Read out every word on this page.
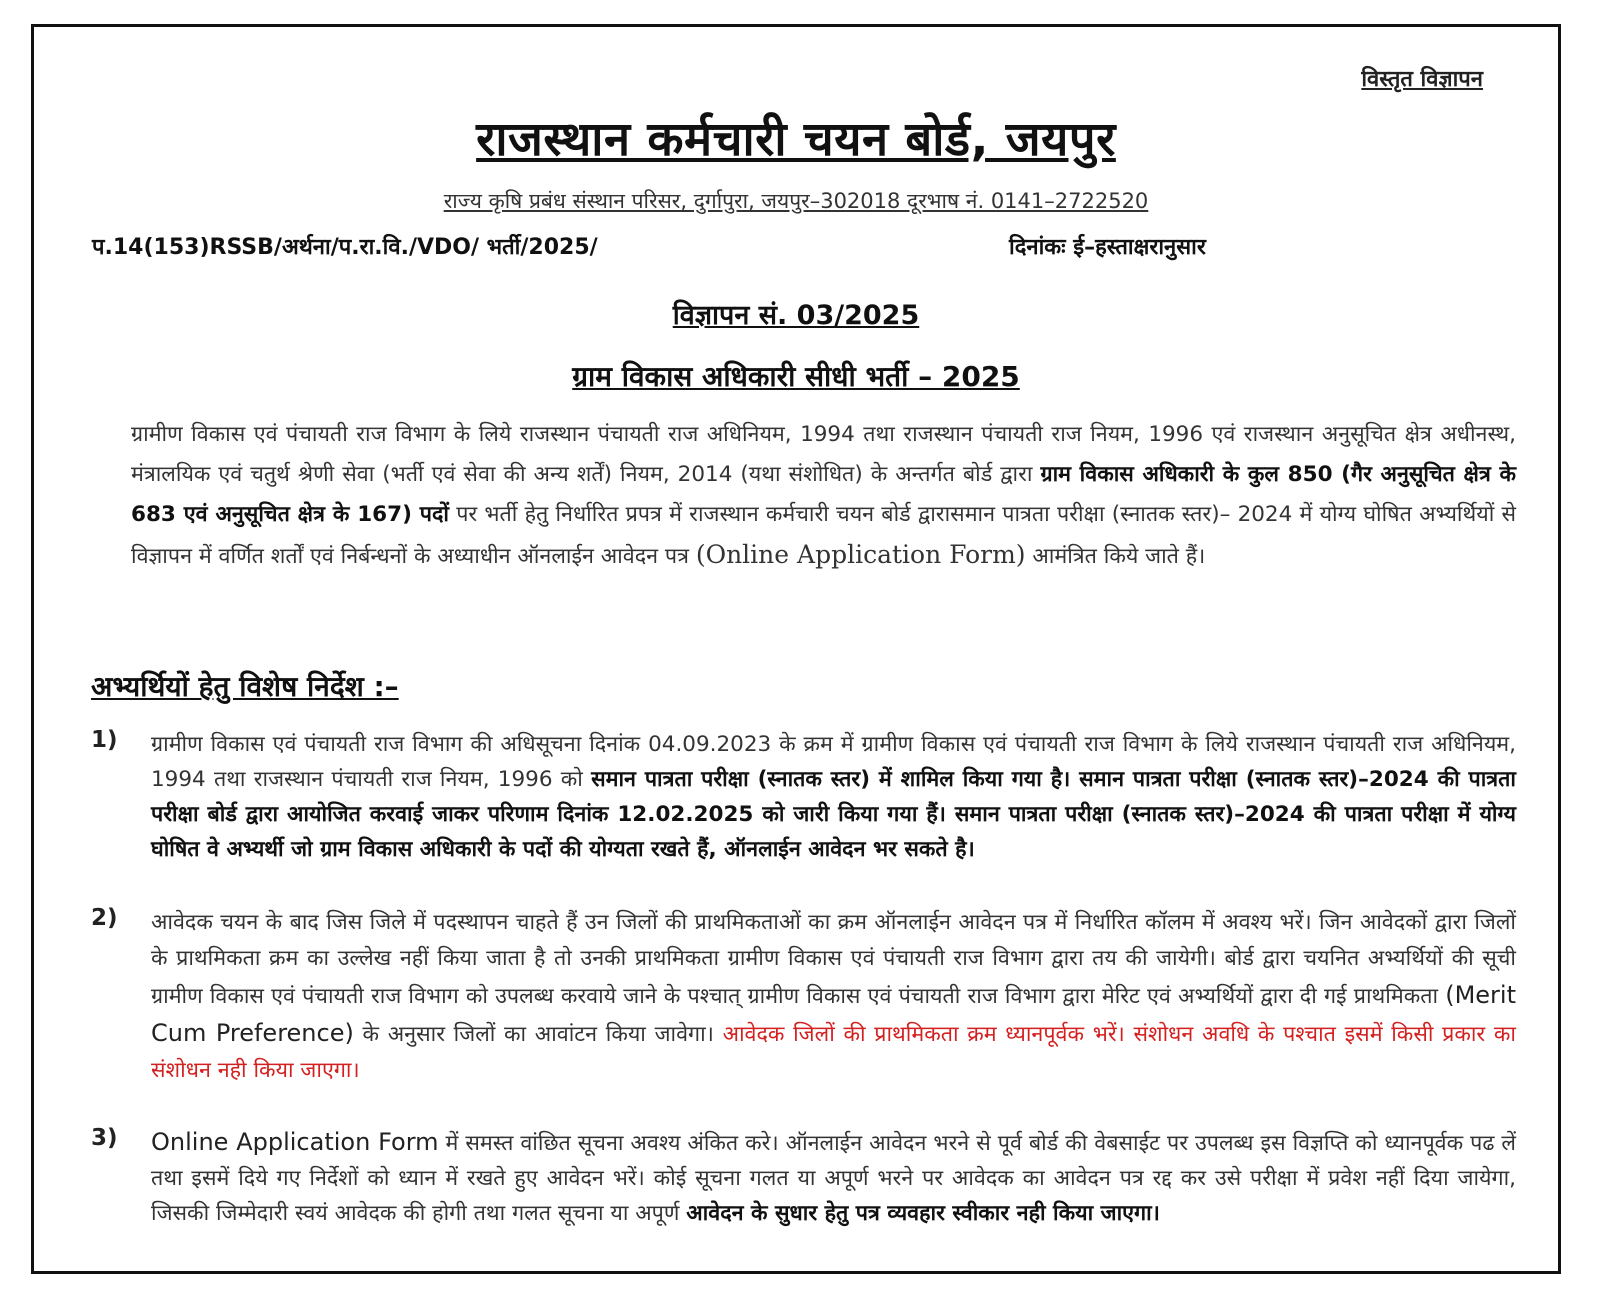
विस्तृत विज्ञापन
राजस्थान कर्मचारी चयन बोर्ड, जयपुर
राज्य कृषि प्रबंध संस्थान परिसर, दुर्गापुरा, जयपुर–302018 दूरभाष नं. 0141–2722520
प.14(153)RSSB/अर्थना/प.रा.वि./VDO/ भर्ती/2025/	दिनांकः ई–हस्ताक्षरानुसार
विज्ञापन सं. 03/2025
ग्राम विकास अधिकारी सीधी भर्ती – 2025
ग्रामीण विकास एवं पंचायती राज विभाग के लिये राजस्थान पंचायती राज अधिनियम, 1994 तथा राजस्थान पंचायती राज नियम, 1996 एवं राजस्थान अनुसूचित क्षेत्र अधीनस्थ, मंत्रालयिक एवं चतुर्थ श्रेणी सेवा (भर्ती एवं सेवा की अन्य शर्तें) नियम, 2014 (यथा संशोधित) के अन्तर्गत बोर्ड द्वारा ग्राम विकास अधिकारी के कुल 850 (गैर अनुसूचित क्षेत्र के 683 एवं अनुसूचित क्षेत्र के 167) पदों पर भर्ती हेतु निर्धारित प्रपत्र में राजस्थान कर्मचारी चयन बोर्ड द्वारासमान पात्रता परीक्षा (स्नातक स्तर)– 2024 में योग्य घोषित अभ्यर्थियों से विज्ञापन में वर्णित शर्तों एवं निर्बन्धनों के अध्याधीन ऑनलाईन आवेदन पत्र (Online Application Form) आमंत्रित किये जाते हैं।
अभ्यर्थियों हेतु विशेष निर्देश :–
1) ग्रामीण विकास एवं पंचायती राज विभाग की अधिसूचना दिनांक 04.09.2023 के क्रम में ग्रामीण विकास एवं पंचायती राज विभाग के लिये राजस्थान पंचायती राज अधिनियम, 1994 तथा राजस्थान पंचायती राज नियम, 1996 को समान पात्रता परीक्षा (स्नातक स्तर) में शामिल किया गया है। समान पात्रता परीक्षा (स्नातक स्तर)–2024 की पात्रता परीक्षा बोर्ड द्वारा आयोजित करवाई जाकर परिणाम दिनांक 12.02.2025 को जारी किया गया हैं। समान पात्रता परीक्षा (स्नातक स्तर)–2024 की पात्रता परीक्षा में योग्य घोषित वे अभ्यर्थी जो ग्राम विकास अधिकारी के पदों की योग्यता रखते हैं, ऑनलाईन आवेदन भर सकते है।
2) आवेदक चयन के बाद जिस जिले में पदस्थापन चाहते हैं उन जिलों की प्राथमिकताओं का क्रम ऑनलाईन आवेदन पत्र में निर्धारित कॉलम में अवश्य भरें। जिन आवेदकों द्वारा जिलों के प्राथमिकता क्रम का उल्लेख नहीं किया जाता है तो उनकी प्राथमिकता ग्रामीण विकास एवं पंचायती राज विभाग द्वारा तय की जायेगी। बोर्ड द्वारा चयनित अभ्यर्थियों की सूची ग्रामीण विकास एवं पंचायती राज विभाग को उपलब्ध करवाये जाने के पश्चात् ग्रामीण विकास एवं पंचायती राज विभाग द्वारा मेरिट एवं अभ्यर्थियों द्वारा दी गई प्राथमिकता (Merit Cum Preference) के अनुसार जिलों का आवांटन किया जावेगा। आवेदक जिलों की प्राथमिकता क्रम ध्यानपूर्वक भरें। संशोधन अवधि के पश्चात इसमें किसी प्रकार का संशोधन नही किया जाएगा।
3) Online Application Form में समस्त वांछित सूचना अवश्य अंकित करे। ऑनलाईन आवेदन भरने से पूर्व बोर्ड की वेबसाईट पर उपलब्ध इस विज्ञप्ति को ध्यानपूर्वक पढ लें तथा इसमें दिये गए निर्देशों को ध्यान में रखते हुए आवेदन भरें। कोई सूचना गलत या अपूर्ण भरने पर आवेदक का आवेदन पत्र रद्द कर उसे परीक्षा में प्रवेश नहीं दिया जायेगा, जिसकी जिम्मेदारी स्वयं आवेदक की होगी तथा गलत सूचना या अपूर्ण आवेदन के सुधार हेतु पत्र व्यवहार स्वीकार नही किया जाएगा।
